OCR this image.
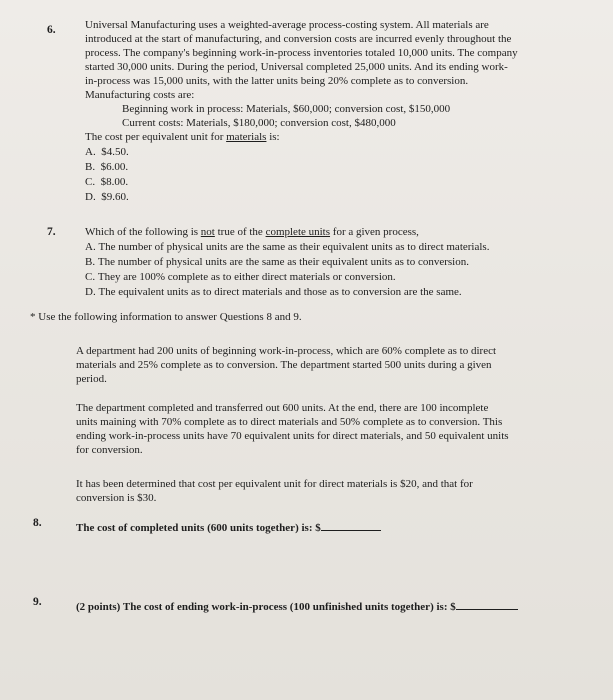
6.	Universal Manufacturing uses a weighted-average process-costing system. All materials are
introduced at the start of manufacturing, and conversion costs are incurred evenly throughout the
process. The company's beginning work-in-process inventories totaled 10,000 units. The company
started 30,000 units. During the period, Universal completed 25,000 units. And its ending work-
in-process was 15,000 units, with the latter units being 20% complete as to conversion.
Manufacturing costs are:
Beginning work in process: Materials, $60,000; conversion cost, $150,000
Current costs: Materials, $180,000; conversion cost, $480,000
The cost per equivalent unit for materials is:
A. $4.50.
B. $6.00.
C. $8.00.
D. $9.60.
7.	Which of the following is not true of the complete units for a given process,
A. The number of physical units are the same as their equivalent units as to direct materials.
B. The number of physical units are the same as their equivalent units as to conversion.
C. They are 100% complete as to either direct materials or conversion.
D. The equivalent units as to direct materials and those as to conversion are the same.
* Use the following information to answer Questions 8 and 9.
A department had 200 units of beginning work-in-process, which are 60% complete as to direct
materials and 25% complete as to conversion. The department started 500 units during a given
period.
The department completed and transferred out 600 units. At the end, there are 100 incomplete
units maining with 70% complete as to direct materials and 50% complete as to conversion. This
ending work-in-process units have 70 equivalent units for direct materials, and 50 equivalent units
for conversion.
It has been determined that cost per equivalent unit for direct materials is $20, and that for
conversion is $30.
8.	The cost of completed units (600 units together) is: $
9.	(2 points) The cost of ending work-in-process (100 unfinished units together) is: $
